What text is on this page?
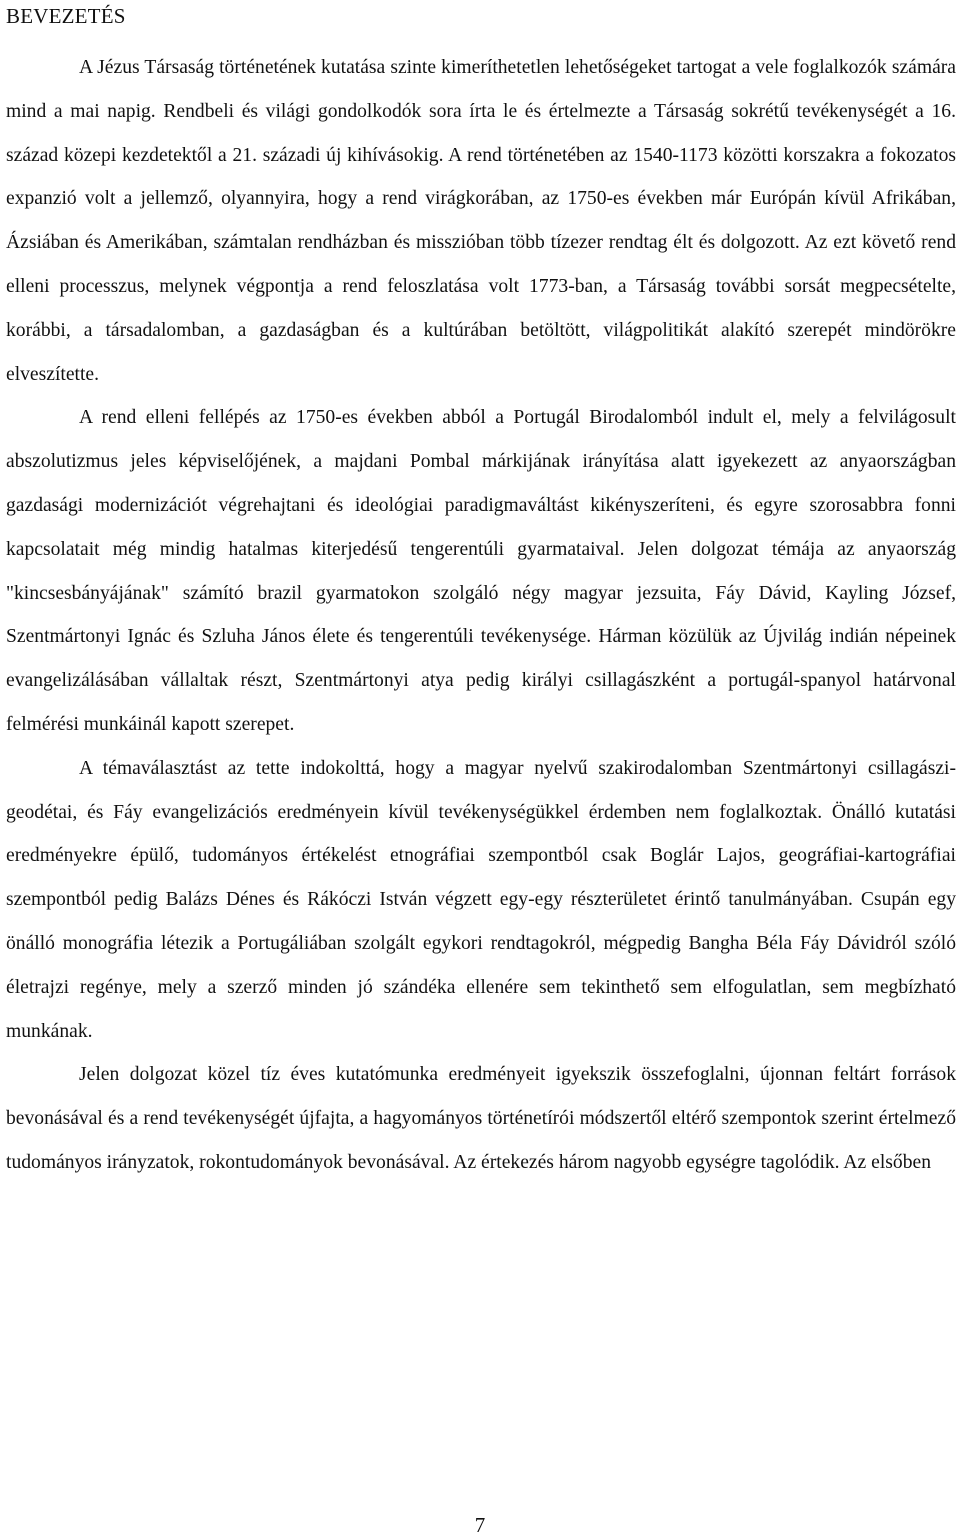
BEVEZETÉS

A Jézus Társaság történetének kutatása szinte kimeríthetetlen lehetőségeket tartogat a vele foglalkozók számára mind a mai napig. Rendbeli és világi gondolkodók sora írta le és értelmezte a Társaság sokrétű tevékenységét a 16. század közepi kezdetektől a 21. századi új kihívásokig. A rend történetében az 1540-1173 közötti korszakra a fokozatos expanzió volt a jellemző, olyannyira, hogy a rend virágkorában, az 1750-es években már Európán kívül Afrikában, Ázsiában és Amerikában, számtalan rendházban és misszióban több tízezer rendtag élt és dolgozott. Az ezt követő rend elleni processzus, melynek végpontja a rend feloszlatása volt 1773-ban, a Társaság további sorsát megpecsételte, korábbi, a társadalomban, a gazdaságban és a kultúrában betöltött, világpolitikát alakító szerepét mindörökre elveszítette.

A rend elleni fellépés az 1750-es években abból a Portugál Birodalomból indult el, mely a felvilágosult abszolutizmus jeles képviselőjének, a majdani Pombal márkijának irányítása alatt igyekezett az anyaországban gazdasági modernizációt végrehajtani és ideológiai paradigmaváltást kikényszeríteni, és egyre szorosabbra fonni kapcsolatait még mindig hatalmas kiterjedésű tengerentúli gyarmataival. Jelen dolgozat témája az anyaország "kincsesbányájának" számító brazil gyarmatokon szolgáló négy magyar jezsuita, Fáy Dávid, Kayling József, Szentmártonyi Ignác és Szluha János élete és tengerentúli tevékenysége. Hárman közülük az Újvilág indián népeinek evangelizálásában vállaltak részt, Szentmártonyi atya pedig királyi csillagászként a portugál-spanyol határvonal felmérési munkáinál kapott szerepet.

A témaválasztást az tette indokolttá, hogy a magyar nyelvű szakirodalomban Szentmártonyi csillagászi-geodétai, és Fáy evangelizációs eredményein kívül tevékenységükkel érdemben nem foglalkoztak. Önálló kutatási eredményekre épülő, tudományos értékelést etnográfiai szempontból csak Boglár Lajos, geográfiai-kartográfiai szempontból pedig Balázs Dénes és Rákóczi István végzett egy-egy részterületet érintő tanulmányában. Csupán egy önálló monográfia létezik a Portugáliában szolgált egykori rendtagokról, mégpedig Bangha Béla Fáy Dávidról szóló életrajzi regénye, mely a szerző minden jó szándéka ellenére sem tekinthető sem elfogulatlan, sem megbízható munkának.

Jelen dolgozat közel tíz éves kutatómunka eredményeit igyekszik összefoglalni, újonnan feltárt források bevonásával és a rend tevékenységét újfajta, a hagyományos történetírói módszertől eltérő szempontok szerint értelmező tudományos irányzatok, rokontudományok bevonásával. Az értekezés három nagyobb egységre tagolódik. Az elsőben

7
